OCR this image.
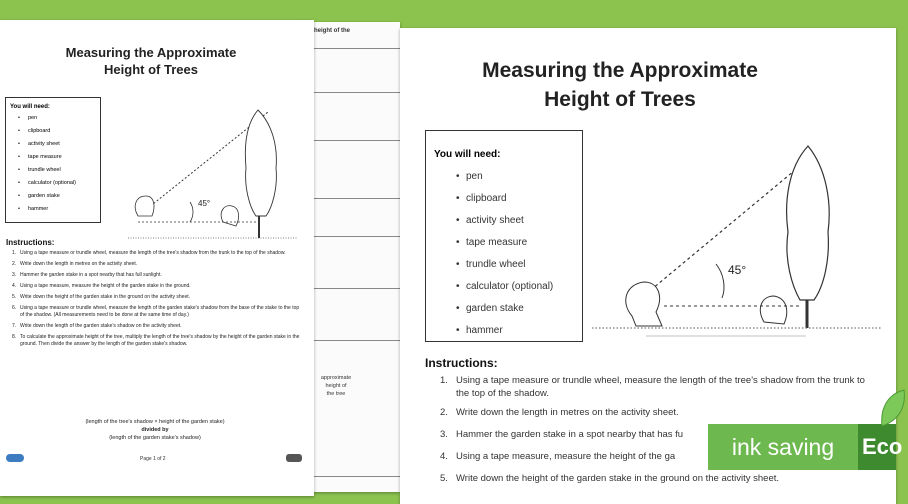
height of the
approximate
height of
the tree
Measuring the Approximate
Height of Trees

You will need:

• pen
• clipboard
• activity sheet
• tape measure
• trundle wheel
• calculator (optional)
• garden stake
• hammer
45°

Instructions:

1. Using a tape measure or trundle wheel, measure the length of the tree's shadow from the trunk to the top of the shadow.
2. Write down the length in metres on the activity sheet.
3. Hammer the garden stake in a spot nearby that has full sunlight.
4. Using a tape measure, measure the height of the garden stake in the ground.
5. Write down the height of the garden stake in the ground on the activity sheet.
6. Using a tape measure or trundle wheel, measure the length of the garden stake's shadow from the base of the stake to the top of the shadow. (All measurements need to be done at the same time of day.)
7. Write down the length of the garden stake's shadow on the activity sheet.
8. To calculate the approximate height of the tree, multiply the length of the tree's shadow by the height of the garden stake in the ground. Then divide the answer by the length of the garden stake's shadow.
(length of the tree's shadow × height of the garden stake)
divided by
(length of the garden stake's shadow)
Page 1 of 2
Measuring the Approximate
Height of Trees

You will need:

• pen
• clipboard
• activity sheet
• tape measure
• trundle wheel
• calculator (optional)
• garden stake
• hammer
45°

Instructions:

1. Using a tape measure or trundle wheel, measure the length of the tree's shadow from the trunk to the top of the shadow.
2. Write down the length in metres on the activity sheet.
3. Hammer the garden stake in a spot nearby that has fu
4. Using a tape measure, measure the height of the ga
5. Write down the height of the garden stake in the ground on the activity sheet.
ink saving	Eco
